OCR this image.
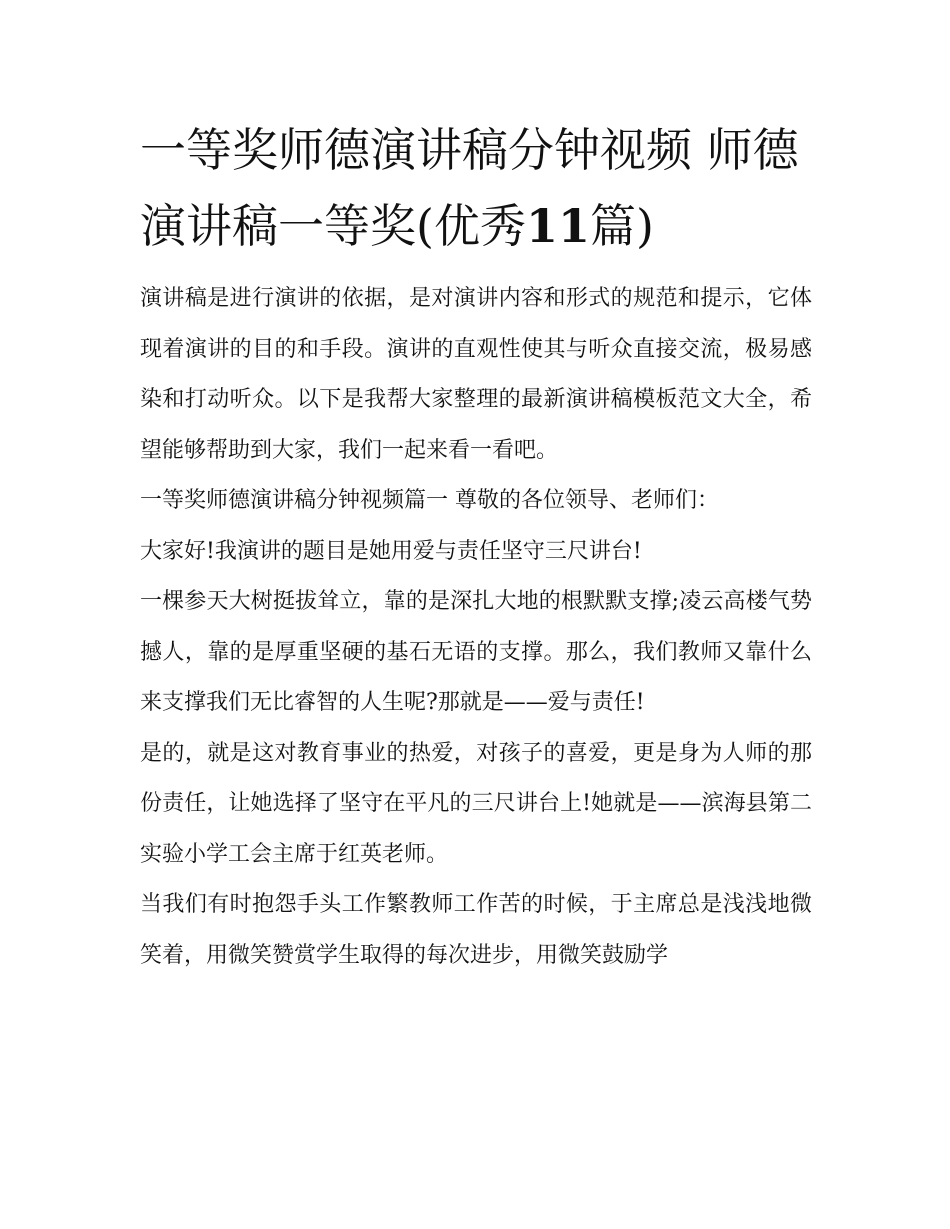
一等奖师德演讲稿分钟视频 师德演讲稿一等奖(优秀11篇)

演讲稿是进行演讲的依据，是对演讲内容和形式的规范和提示，它体现着演讲的目的和手段。演讲的直观性使其与听众直接交流，极易感染和打动听众。以下是我帮大家整理的最新演讲稿模板范文大全，希望能够帮助到大家，我们一起来看一看吧。

一等奖师德演讲稿分钟视频篇一 尊敬的各位领导、老师们：

大家好!我演讲的题目是她用爱与责任坚守三尺讲台!

一棵参天大树挺拔耸立，靠的是深扎大地的根默默支撑;凌云高楼气势撼人，靠的是厚重坚硬的基石无语的支撑。那么，我们教师又靠什么来支撑我们无比睿智的人生呢?那就是——爱与责任!

是的，就是这对教育事业的热爱，对孩子的喜爱，更是身为人师的那份责任，让她选择了坚守在平凡的三尺讲台上!她就是——滨海县第二实验小学工会主席于红英老师。

当我们有时抱怨手头工作繁教师工作苦的时候，于主席总是浅浅地微笑着，用微笑赞赏学生取得的每次进步，用微笑鼓励学
